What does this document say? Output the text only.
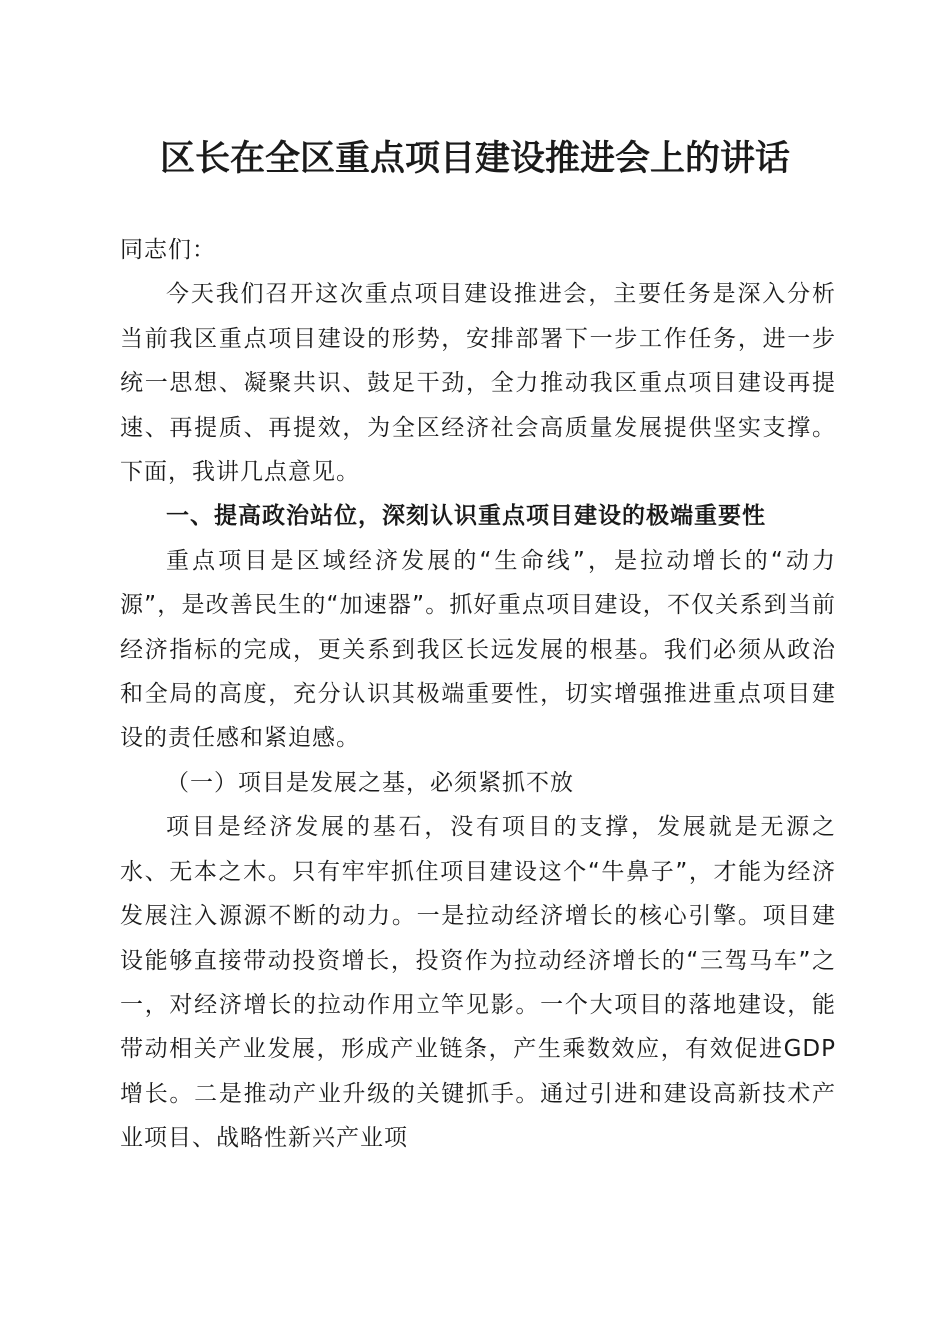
区长在全区重点项目建设推进会上的讲话

同志们：

今天我们召开这次重点项目建设推进会，主要任务是深入分析当前我区重点项目建设的形势，安排部署下一步工作任务，进一步统一思想、凝聚共识、鼓足干劲，全力推动我区重点项目建设再提速、再提质、再提效，为全区经济社会高质量发展提供坚实支撑。下面，我讲几点意见。

一、提高政治站位，深刻认识重点项目建设的极端重要性

重点项目是区域经济发展的“生命线”，是拉动增长的“动力源”，是改善民生的“加速器”。抓好重点项目建设，不仅关系到当前经济指标的完成，更关系到我区长远发展的根基。我们必须从政治和全局的高度，充分认识其极端重要性，切实增强推进重点项目建设的责任感和紧迫感。

（一）项目是发展之基，必须紧抓不放

项目是经济发展的基石，没有项目的支撑，发展就是无源之水、无本之木。只有牢牢抓住项目建设这个“牛鼻子”，才能为经济发展注入源源不断的动力。一是拉动经济增长的核心引擎。项目建设能够直接带动投资增长，投资作为拉动经济增长的“三驾马车”之一，对经济增长的拉动作用立竿见影。一个大项目的落地建设，能带动相关产业发展，形成产业链条，产生乘数效应，有效促进GDP增长。二是推动产业升级的关键抓手。通过引进和建设高新技术产业项目、战略性新兴产业项
